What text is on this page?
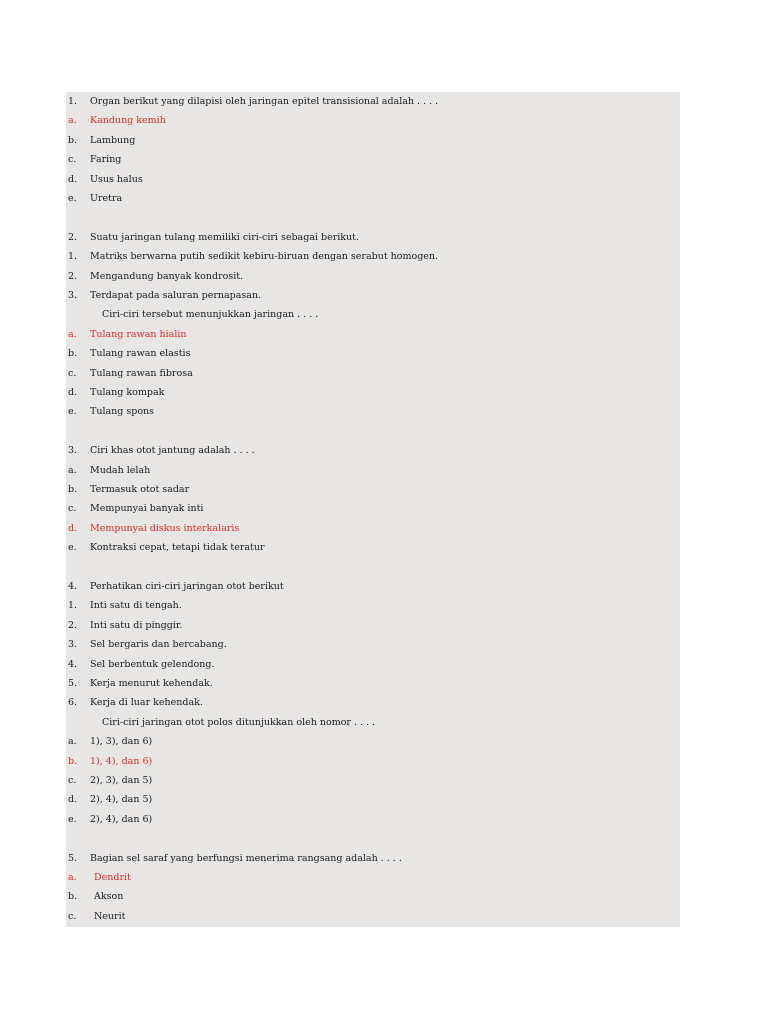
1. Organ berikut yang dilapisi oleh jaringan epitel transisional adalah . . . .
a. Kandung kemih
b. Lambung
c. Faring
d. Usus halus
e. Uretra
2. Suatu jaringan tulang memiliki ciri-ciri sebagai berikut.
1. Matriks berwarna putih sedikit kebiru-biruan dengan serabut homogen.
2. Mengandung banyak kondrosit.
3. Terdapat pada saluran pernapasan.
Ciri-ciri tersebut menunjukkan jaringan . . . .
a. Tulang rawan hialin
b. Tulang rawan elastis
c. Tulang rawan fibrosa
d. Tulang kompak
e. Tulang spons
3. Ciri khas otot jantung adalah . . . .
a. Mudah lelah
b. Termasuk otot sadar
c. Mempunyai banyak inti
d. Mempunyai diskus interkalaris
e. Kontraksi cepat, tetapi tidak teratur
4. Perhatikan ciri-ciri jaringan otot berikut
1. Inti satu di tengah.
2. Inti satu di pinggir.
3. Sel bergaris dan bercabang.
4. Sel berbentuk gelendong.
5. Kerja menurut kehendak.
6. Kerja di luar kehendak.
Ciri-ciri jaringan otot polos ditunjukkan oleh nomor . . . .
a. 1), 3), dan 6)
b. 1), 4), dan 6)
c. 2), 3), dan 5)
d. 2), 4), dan 5)
e. 2), 4), dan 6)
5. Bagian sel saraf yang berfungsi menerima rangsang adalah . . . .
a. Dendrit
b. Akson
c. Neurit
